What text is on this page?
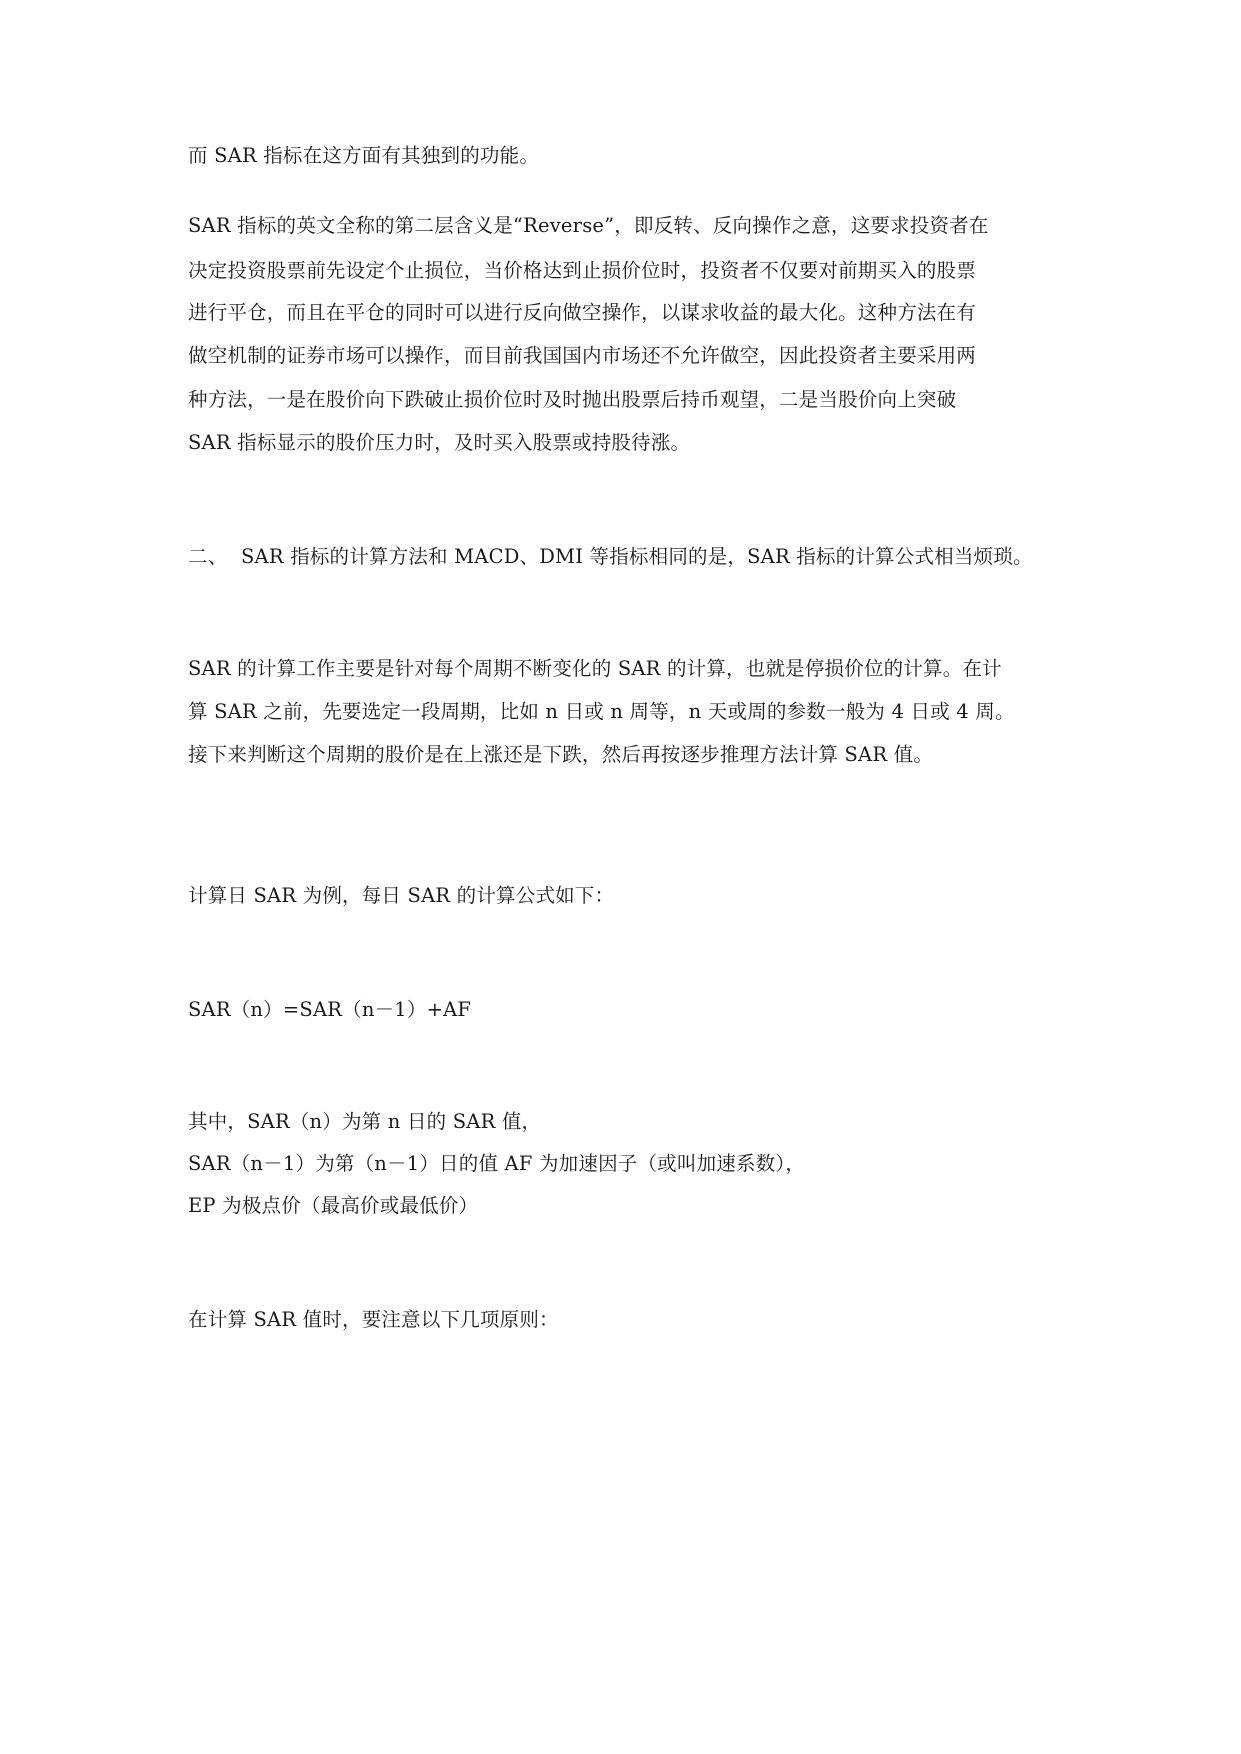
而 SAR 指标在这方面有其独到的功能。
SAR 指标的英文全称的第二层含义是“Reverse”，即反转、反向操作之意，这要求投资者在
决定投资股票前先设定个止损位，当价格达到止损价位时，投资者不仅要对前期买入的股票
进行平仓，而且在平仓的同时可以进行反向做空操作，以谋求收益的最大化。这种方法在有
做空机制的证券市场可以操作，而目前我国国内市场还不允许做空，因此投资者主要采用两
种方法，一是在股价向下跌破止损价位时及时抛出股票后持币观望，二是当股价向上突破
SAR 指标显示的股价压力时，及时买入股票或持股待涨。
二、 SAR 指标的计算方法和 MACD、DMI 等指标相同的是，SAR 指标的计算公式相当烦琐。
SAR 的计算工作主要是针对每个周期不断变化的 SAR 的计算，也就是停损价位的计算。在计
算 SAR 之前，先要选定一段周期，比如 n 日或 n 周等，n 天或周的参数一般为 4 日或 4 周。
接下来判断这个周期的股价是在上涨还是下跌，然后再按逐步推理方法计算 SAR 值。
计算日 SAR 为例，每日 SAR 的计算公式如下：
SAR（n）=SAR（n－1）+AF
其中，SAR（n）为第 n 日的 SAR 值，
SAR（n－1）为第（n－1）日的值 AF 为加速因子（或叫加速系数），
EP 为极点价（最高价或最低价）
在计算 SAR 值时，要注意以下几项原则：
